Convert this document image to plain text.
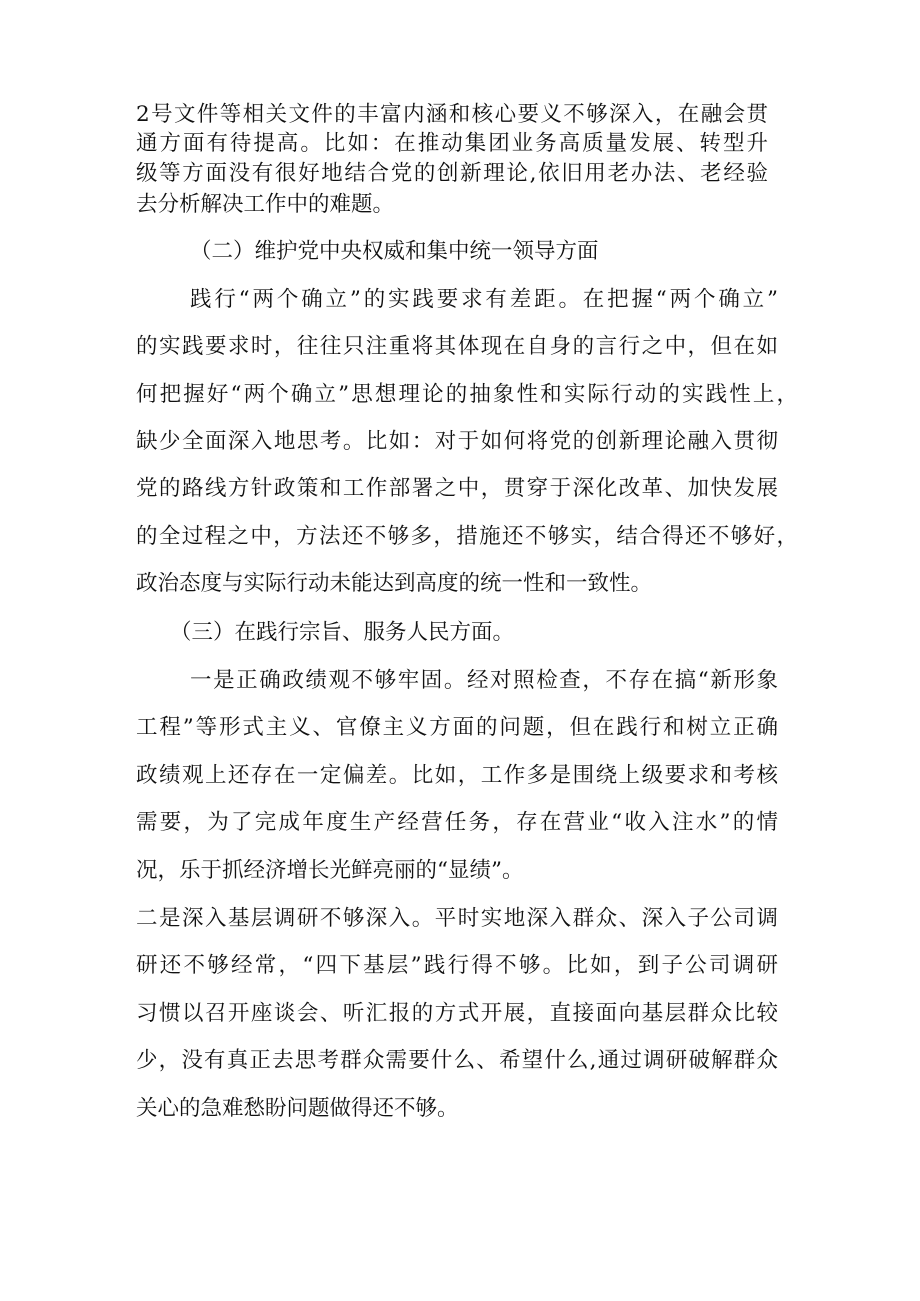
2号文件等相关文件的丰富内涵和核心要义不够深入，在融会贯
通方面有待提高。比如：在推动集团业务高质量发展、转型升
级等方面没有很好地结合党的创新理论,依旧用老办法、老经验
去分析解决工作中的难题。
（二）维护党中央权威和集中统一领导方面
践行“两个确立”的实践要求有差距。在把握“两个确立”
的实践要求时，往往只注重将其体现在自身的言行之中，但在如
何把握好“两个确立”思想理论的抽象性和实际行动的实践性上，
缺少全面深入地思考。比如：对于如何将党的创新理论融入贯彻
党的路线方针政策和工作部署之中，贯穿于深化改革、加快发展
的全过程之中，方法还不够多，措施还不够实，结合得还不够好，
政治态度与实际行动未能达到高度的统一性和一致性。
（三）在践行宗旨、服务人民方面。
一是正确政绩观不够牢固。经对照检查，不存在搞“新形象
工程”等形式主义、官僚主义方面的问题，但在践行和树立正确
政绩观上还存在一定偏差。比如，工作多是围绕上级要求和考核
需要，为了完成年度生产经营任务，存在营业“收入注水”的情
况，乐于抓经济增长光鲜亮丽的“显绩”。
二是深入基层调研不够深入。平时实地深入群众、深入子公司调
研还不够经常，“四下基层”践行得不够。比如，到子公司调研
习惯以召开座谈会、听汇报的方式开展，直接面向基层群众比较
少，没有真正去思考群众需要什么、希望什么,通过调研破解群众
关心的急难愁盼问题做得还不够。
